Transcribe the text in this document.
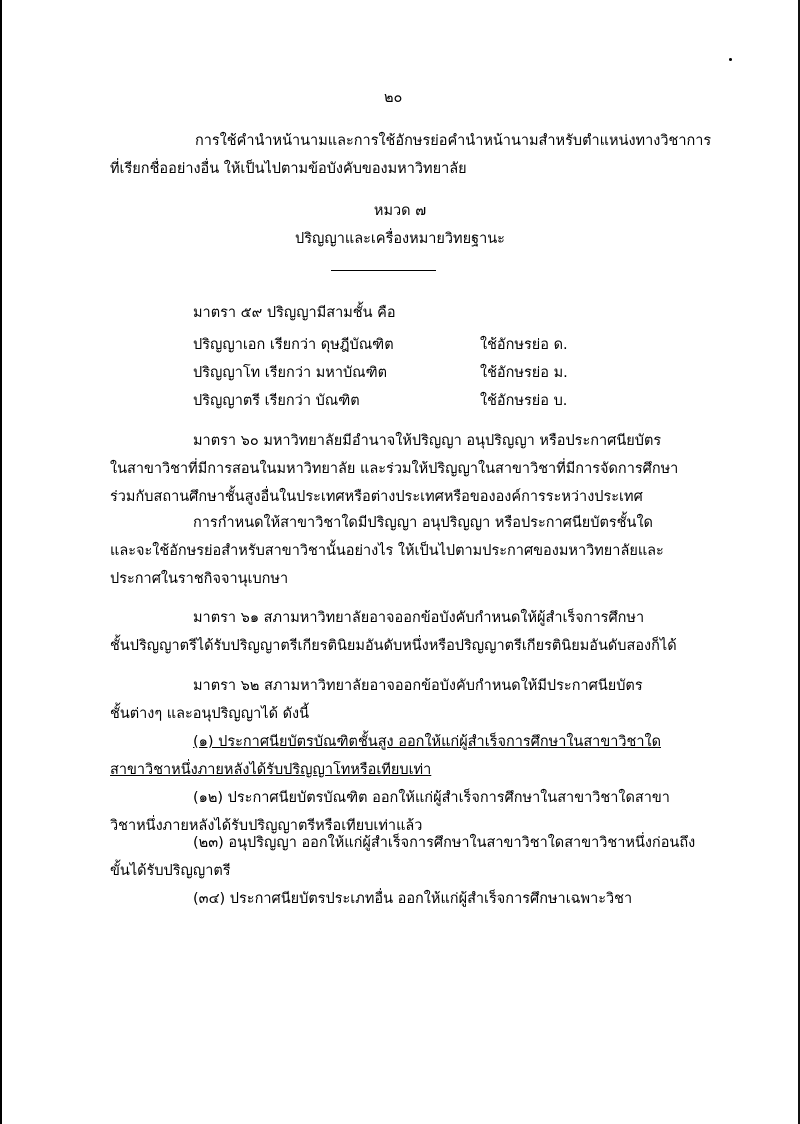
๒๐
การใช้คำนำหน้านามและการใช้อักษรย่อคำนำหน้านามสำหรับตำแหน่งทางวิชาการ
ที่เรียกชื่ออย่างอื่น ให้เป็นไปตามข้อบังคับของมหาวิทยาลัย
หมวด ๗
ปริญญาและเครื่องหมายวิทยฐานะ
มาตรา ๕๙ ปริญญามีสามชั้น คือ
ปริญญาเอก เรียกว่า ดุษฎีบัณฑิต	ใช้อักษรย่อ ด.
ปริญญาโท เรียกว่า มหาบัณฑิต	ใช้อักษรย่อ ม.
ปริญญาตรี เรียกว่า บัณฑิต	ใช้อักษรย่อ บ.
มาตรา ๖๐ มหาวิทยาลัยมีอำนาจให้ปริญญา อนุปริญญา หรือประกาศนียบัตร
ในสาขาวิชาที่มีการสอนในมหาวิทยาลัย และร่วมให้ปริญญาในสาขาวิชาที่มีการจัดการศึกษา
ร่วมกับสถานศึกษาชั้นสูงอื่นในประเทศหรือต่างประเทศหรือขององค์การระหว่างประเทศ
การกำหนดให้สาขาวิชาใดมีปริญญา อนุปริญญา หรือประกาศนียบัตรชั้นใด
และจะใช้อักษรย่อสำหรับสาขาวิชานั้นอย่างไร ให้เป็นไปตามประกาศของมหาวิทยาลัยและ
ประกาศในราชกิจจานุเบกษา
มาตรา ๖๑ สภามหาวิทยาลัยอาจออกข้อบังคับกำหนดให้ผู้สำเร็จการศึกษา
ชั้นปริญญาตรีได้รับปริญญาตรีเกียรตินิยมอันดับหนึ่งหรือปริญญาตรีเกียรตินิยมอันดับสองก็ได้
มาตรา ๖๒ สภามหาวิทยาลัยอาจออกข้อบังคับกำหนดให้มีประกาศนียบัตร
ชั้นต่างๆ และอนุปริญญาได้ ดังนี้
(๑) ประกาศนียบัตรบัณฑิตชั้นสูง ออกให้แก่ผู้สำเร็จการศึกษาในสาขาวิชาใด
สาขาวิชาหนึ่งภายหลังได้รับปริญญาโทหรือเทียบเท่า
(๑๒) ประกาศนียบัตรบัณฑิต ออกให้แก่ผู้สำเร็จการศึกษาในสาขาวิชาใดสาขา
วิชาหนึ่งภายหลังได้รับปริญญาตรีหรือเทียบเท่าแล้ว
(๒๓) อนุปริญญา ออกให้แก่ผู้สำเร็จการศึกษาในสาขาวิชาใดสาขาวิชาหนึ่งก่อนถึง
ขั้นได้รับปริญญาตรี
(๓๔) ประกาศนียบัตรประเภทอื่น ออกให้แก่ผู้สำเร็จการศึกษาเฉพาะวิชา
